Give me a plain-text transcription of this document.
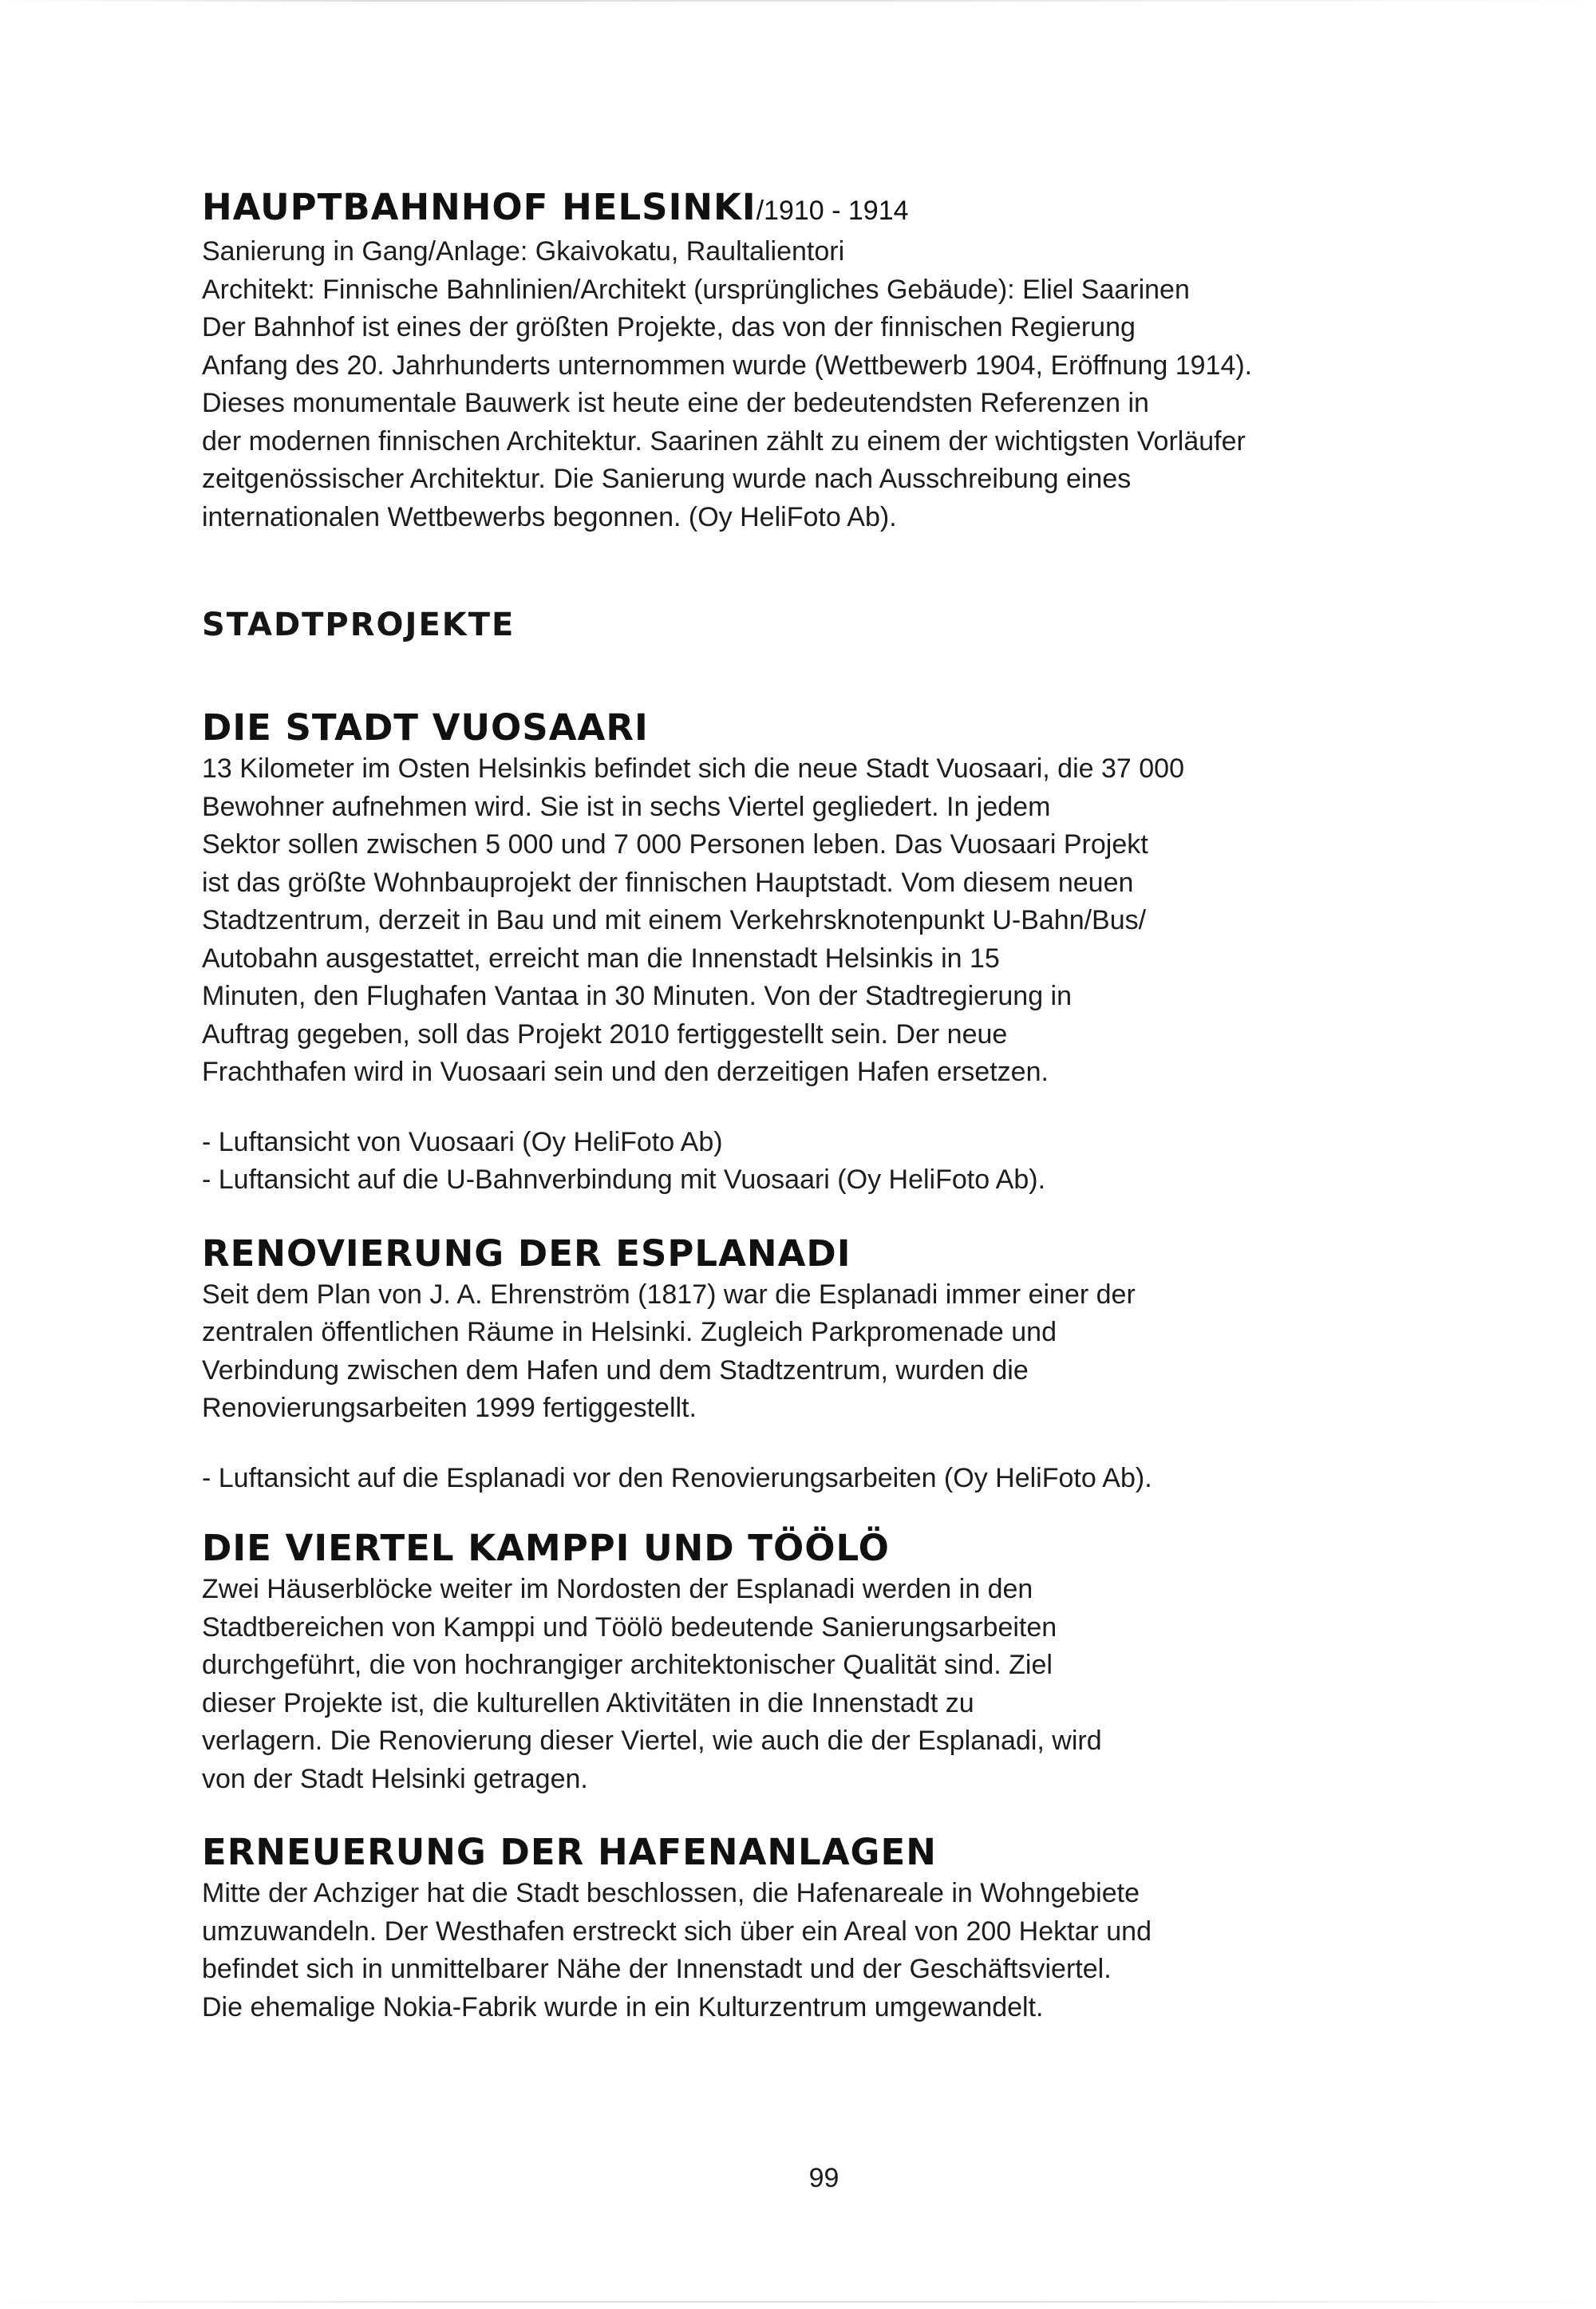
HAUPTBAHNHOF HELSINKI/1910 - 1914

Sanierung in Gang/Anlage: Gkaivokatu, Raultalientori
Architekt: Finnische Bahnlinien/Architekt (ursprüngliches Gebäude): Eliel Saarinen
Der Bahnhof ist eines der größten Projekte, das von der finnischen Regierung
Anfang des 20. Jahrhunderts unternommen wurde (Wettbewerb 1904, Eröffnung 1914).
Dieses monumentale Bauwerk ist heute eine der bedeutendsten Referenzen in
der modernen finnischen Architektur. Saarinen zählt zu einem der wichtigsten Vorläufer
zeitgenössischer Architektur. Die Sanierung wurde nach Ausschreibung eines
internationalen Wettbewerbs begonnen. (Oy HeliFoto Ab).

STADTPROJEKTE
DIE STADT VUOSAARI

13 Kilometer im Osten Helsinkis befindet sich die neue Stadt Vuosaari, die 37 000
Bewohner aufnehmen wird. Sie ist in sechs Viertel gegliedert. In jedem
Sektor sollen zwischen 5 000 und 7 000 Personen leben. Das Vuosaari Projekt
ist das größte Wohnbauprojekt der finnischen Hauptstadt. Vom diesem neuen
Stadtzentrum, derzeit in Bau und mit einem Verkehrsknotenpunkt U-Bahn/Bus/
Autobahn ausgestattet, erreicht man die Innenstadt Helsinkis in 15
Minuten, den Flughafen Vantaa in 30 Minuten. Von der Stadtregierung in
Auftrag gegeben, soll das Projekt 2010 fertiggestellt sein. Der neue
Frachthafen wird in Vuosaari sein und den derzeitigen Hafen ersetzen.

- Luftansicht von Vuosaari (Oy HeliFoto Ab)
- Luftansicht auf die U-Bahnverbindung mit Vuosaari (Oy HeliFoto Ab).

RENOVIERUNG DER ESPLANADI

Seit dem Plan von J. A. Ehrenström (1817) war die Esplanadi immer einer der
zentralen öffentlichen Räume in Helsinki. Zugleich Parkpromenade und
Verbindung zwischen dem Hafen und dem Stadtzentrum, wurden die
Renovierungsarbeiten 1999 fertiggestellt.

- Luftansicht auf die Esplanadi vor den Renovierungsarbeiten (Oy HeliFoto Ab).

DIE VIERTEL KAMPPI UND TÖÖLÖ

Zwei Häuserblöcke weiter im Nordosten der Esplanadi werden in den
Stadtbereichen von Kamppi und Töölö bedeutende Sanierungsarbeiten
durchgeführt, die von hochrangiger architektonischer Qualität sind. Ziel
dieser Projekte ist, die kulturellen Aktivitäten in die Innenstadt zu
verlagern. Die Renovierung dieser Viertel, wie auch die der Esplanadi, wird
von der Stadt Helsinki getragen.

ERNEUERUNG DER HAFENANLAGEN

Mitte der Achziger hat die Stadt beschlossen, die Hafenareale in Wohngebiete
umzuwandeln. Der Westhafen erstreckt sich über ein Areal von 200 Hektar und
befindet sich in unmittelbarer Nähe der Innenstadt und der Geschäftsviertel.
Die ehemalige Nokia-Fabrik wurde in ein Kulturzentrum umgewandelt.

99
